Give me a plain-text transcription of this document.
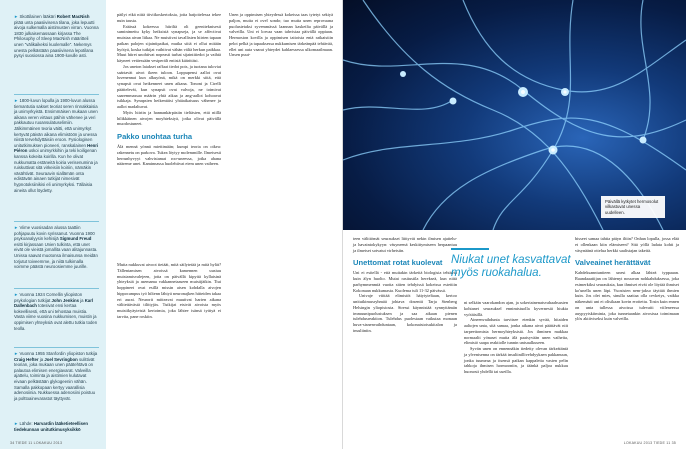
► Skottilainen lääkäri Robert MacNish pitää unta paasiivisena tilana, joka lepuutti aivoja sulkemalla aistimusten virran. Vuonna 1830 julkaisemassaan kirjassa The Philosophy of Sleep MacNish määritteli unen "välikaikeksi kuolemalle". Nekemys unesta pelkästään paasiivisena lepotilana pysyi suosiossa aina 1900-luvulle asti.
► 1800-luvun lopulla ja 1900-luvun alussa tiemantutia sakset teoriat seren rinnakkaisia ja unimyrkyistä. Ensimmäisen mukaan unen aikana veren virtaus päihin vähenee ja veri pakkautuu ruoansulatuselimiin. Jälkimmäinen teoria väitti, että unimyrkyt kertyvät päivän aikana elimistöön ja unessa niistä tervehdyttäisiin eroon. Fysiologisen unitutkimuksen pioneeri, ranskalainen Henri Piéron uskoi unimyrkkihin ja teki koiligenan kanssa kokeita koirilla. Kun he olivat nukkumatta estäneitä koiria verisenumina ja ruiskuttivat sitä virkeisiin koiriin, nämäkin väsähtivät. Seuraavin siallämän onta edistävän ainaen tutkijat nimesivät hypnotoksiinikisi eli unimyrkyksi. Tällaisia aineita ollut löydetty.
► Viime vuosisadan alussa taattiin pohjapuutu kovin syrissanut. Vuonna 1900 psykoanalyysin kehisijä Sigmund Freud esitti kirjassaan Unien tulkinta, että unet eivät ole vieistä jomallita vaan alitajunnasta. Unissa saavat muotonsa ilmaisunsa meidän torjutut toiveemme, ja niitä tulkimalla voimme päästä neuroosiemme juurille.
► Vuonna 1924 Cornellin yliopiston psykologian tutkijat John Jenkins ja Karl Dallenbach totesivat ensi kertaa kokeellisesti, että uni tehostaa muistia. Vasta viime vuosina nukkumisen, muistin ja oppimisen yhteyksiä ovat alettu tutkia toden teolla.
► Vuonna 1955 Stanfordin yliopiston tutkija Craig Hefter ja Joel Sevringbon sulittivät teorian, joka mukaan unen päätehtävä on palautoa elimisen energiavarat. Valveilla ajattelu, toiminta ja aistimien kulutavat eivaan pelkästään glykogeenin vähän. Samalla pakkopaan kertyy vaarallisia adenosiinia. Nukkuessa adenosiini poistuu ja polttoainevarastot täyttyvät.
► Lähde: Harvardin lääketieteellisen tiedekunnan unitutkimusyksikkö

päilyt eikä niitä tiiviikoskertoksia, joita hatjoitelessa tekee nuin tausta.

Eräässä kokeessa hiiriltä oli geeniteknisesti suminimettu kyky heiksistä synapseja, ja se affectivat muistaa aivan liikaa. Ne muistivat tavallisten hiirten tapaan paikan palojen sijaintipaikat, mutka siitä ei ollut mitään hyötyä, koska tutkijat vaihtivat vähän väliä herkun paikkaa. Muut hiiret unohtivat nopeasti turhat sijaintitiedot ja vaihtä käyneet vetäessään vesiperält entistä käärittäsi.

Jos uneton laiakset raffaat tiedot pois, ja tuotana tuloviat saärtavät aivot ikeen tuloon. Loppupensi aallot ovat luvenennat kun alkuyönä, mikä on merkki siitä, että synapsit ovat heikenneet unen aikana. Tononi ja Cirelli päättelevät, kun synapsit ovat valvoja, ne toimivat saaremmassaa määrin yhtä aikaa ja ang-aallot kohoavat tsikkaja. Synapsien heikentäisi yhtäaikaisuus vähenee ja aallot madaltuvat.

Myös hiiriin ja hannankärpäsiin tieltäsien, että niillä hilikkäinen aivojen moyhteksiyä, jotka olivat päivällä muodostuneet.

Pakko unohtaa turha

Älä mennä yönnä miettimään; kumpi teoria on oikea: rakennetu on parkova. Tukea löytyy molemmille. Ilmeisesti herrunhyvyyt vahvistamat roo-uneessa, jotka ahana nääreme unet. Kaminnassa huolehtivat eiem unen vaiheen.

Mutta nukkuvat aivoot tietäät, mitä säilytetää ja mitä hylät? Tällentamisen aivoissä kamennen uusiuu muistamisvalejeen, jotta on päivällä kipyttä kyllaisinä yhteyksiä ja asemama vakkannetaaseen muistijäikin. Tiui hoppineet ovat esillä missin aisen kohdalla aivojen hippocampus työ hiltenn lähtyä neuronajken hitteiden takaa eri aurat. Neurorit mitteavat muuttvat harien aikana välitettävästä tilittyjäx. Tutkijat etsivät aivoista myös muistikyäyteisiä kertoimia, joka lähtee isänsä tytttyä ei tarvita, pane roskiin.

Unen ja oppimisen yhteydessä kokeissa taas tytetyt sekiyä paljon, mutta ei ovel sondo; tuo mutta unen reprovaana puolustetaksi syvemmässä laannan kaskeilta päivällä ja valveilla. Uni ei lorvaa vaan tahvistaa päivällä oppiaan. Hermoston kovilla ja oppimisen taitoista entä ratkaistiin pelot pelkä ja tapaaksessa nukkumisen tärkeänpää tehtävää, ellei uni auta vaarat yhteydet kahlaessessa ulkomaailmaan. Unsen puut-

34 TIEDE 11 LOKAKUU 2013
Päivällä kytkytet hermosolut vilkastuvat unessa uudelleen.

teen välittömät seuraukset liittyvät nekin ilmisen ajattelu- ja havaintokykyyn: väsyneenä keskittymiseen herpaantuu ja ilmeiset sotvatut virheisiin.

Unettomat rotat kuolevat

Uni ei esitellä - että muitakin tärkeitä biologisia tehtäviä kuin älyn huolto. Mutat rasitustila herekseä, kun niitä parhymmenmiä vuotta sitten tehdyissä kokeissa estettiin Kokonaan nukkumasta. Kuolema tuli 11-32 päivässä.

Univaje viittää elimistöt häiytyteltaan, kertoo unitutkimusryhmää johtava dosentti Tarja Stenberg Helsingin yliopistosta. Stressi käynnistää synnyttämän immuunipuolustuksen ja saa aikaan pienen tulehdusreaktion. Tulehdus puolestaan vaikutaa monaan huva-sisnenvaihduntaan, kokonaistoisukitalon ja insuliiniin.

Niukat unet kasvattavat myös ruokahalua.

ni selkäin vaarokandon ajan, ja sokeriainenatsvahaahsusten kohtanet seurauksel ennimistuolla kyvernesiä hiukia vyötäisillä.

Aineenvaihdunta tarvitsee etenkin syvää, hitaiden aaltojen unta, sitä samaa, jonka aikana aivot päättävät niit tarpeettomista hermoyhteyksistä. Jos ihminen makkaa normaalit yönaset mutta älä paaisyvään unen vaiheita, elimistö saapa reaktiolle tunnin unisaulkuseen.

Syvän unen on ennennäkin tiedetty olevan tärkeätäntä ja ylvenisenna on tärkää insuliinillivehdyykaen pakkanuun, jonka tuumeaa ja itsensä paikan kappaletta vasten pelin tahkoja ihmisen hormooniin, ja täänkä paljoa nukkuu huonosti yhdellä tai useilla.

bisseet samaa tahtia päiyn iltiin? Onhan lopulla, jossa elää et ollenkaan kiin elämiseen? Sitä yöllä ladata kohti ja väsynäänä ottelua herkki saalistajan takeitä.

Valveainet herättävät

Kahdeksanntuntieen unesi alkaa lähteä typpaaan. Raandaaatiijan on lähtenyt nouuvan nohkahduksessa, joka esimerkiksi seurauksia, kun ihmiset eivät ole löytää ihmiset ko'unella unen läpi. Vuosisien nem-jakso täyttää ihmien kuin. Jos olet mies, sinulla saattaa olla cevkeiys, vaikka näkemästi uni ei olisikaan kovin erottettu. Tosin kuin ennen on unta tullessa aivoissa tulevaiti viileneessa auypyyiskiiminia, joka tunnetaankin aivosissa toimimaan ylös aktiiviseksi kuin valveilla.

LOKAKUU 2013 TIEDE 11 35
